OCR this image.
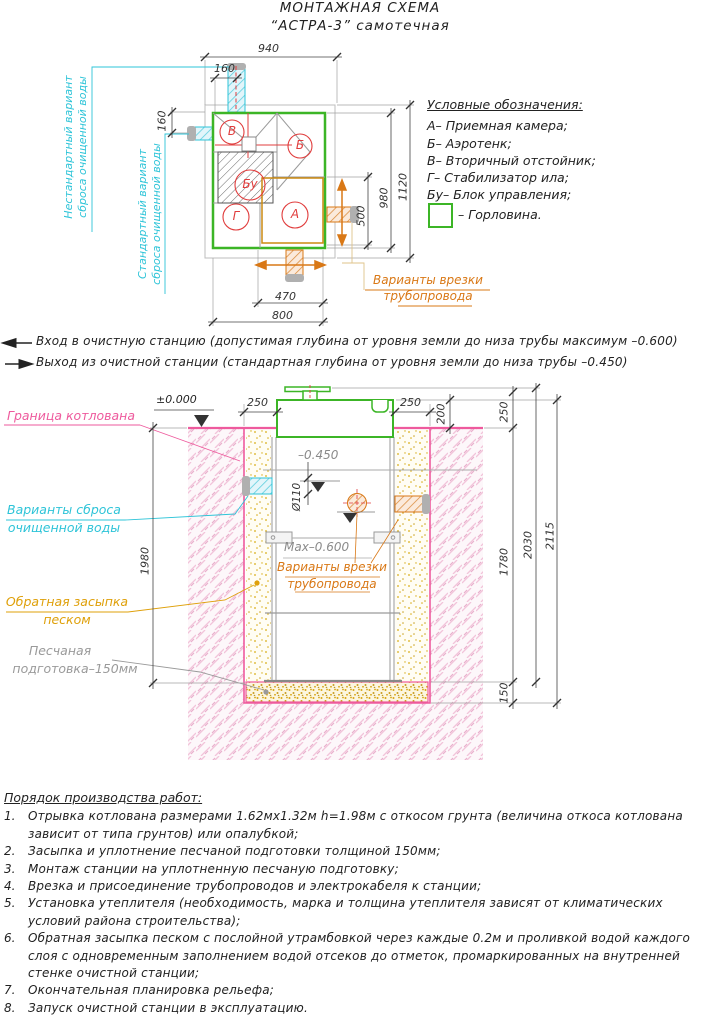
МОНТАЖНАЯ СХЕМА
“АСТРА-3” самотечная
Нестандартный вариант сброса очищенной воды	Стандартный вариант сброса очищенной воды
940
160
160
1120
980
500
470
800
В
Б
Бу
А
Г
Условные обозначения:
А– Приемная камера;
Б– Аэротенк;
В– Вторичный отстойник;
Г– Стабилизатор ила;
Бу– Блок управления;
– Горловина.
Варианты врезки
трубопровода
Вход в очистную станцию (допустимая глубина от уровня земли до низа трубы максимум –0.600)
Выход из очистной станции (стандартная глубина от уровня земли до низа трубы –0.450)
±0.000
Граница котлована
Варианты сброса
очищенной воды
Обратная засыпка
песком
Песчаная
подготовка–150мм
–0.450
Max–0.600
Ø110
Варианты врезки
трубопровода
250	250
200	250
1980	1780
2030 2115
150
Порядок производства работ:
1.	Отрывка котлована размерами 1.62мх1.32м h=1.98м с откосом грунта (величина откоса котлована зависит от типа грунтов) или опалубкой;
2.	Засыпка и уплотнение песчаной подготовки толщиной 150мм;
3.	Монтаж станции на уплотненную песчаную подготовку;
4.	Врезка и присоединение трубопроводов и электрокабеля к станции;
5.	Установка утеплителя (необходимость, марка и толщина утеплителя зависят от климатических условий района строительства);
6.	Обратная засыпка песком с послойной утрамбовкой через каждые 0.2м и проливкой водой каждого слоя с одновременным заполнением водой отсеков до отметок, промаркированных на внутренней стенке очистной станции;
7.	Окончательная планировка рельефа;
8.	Запуск очистной станции в эксплуатацию.
